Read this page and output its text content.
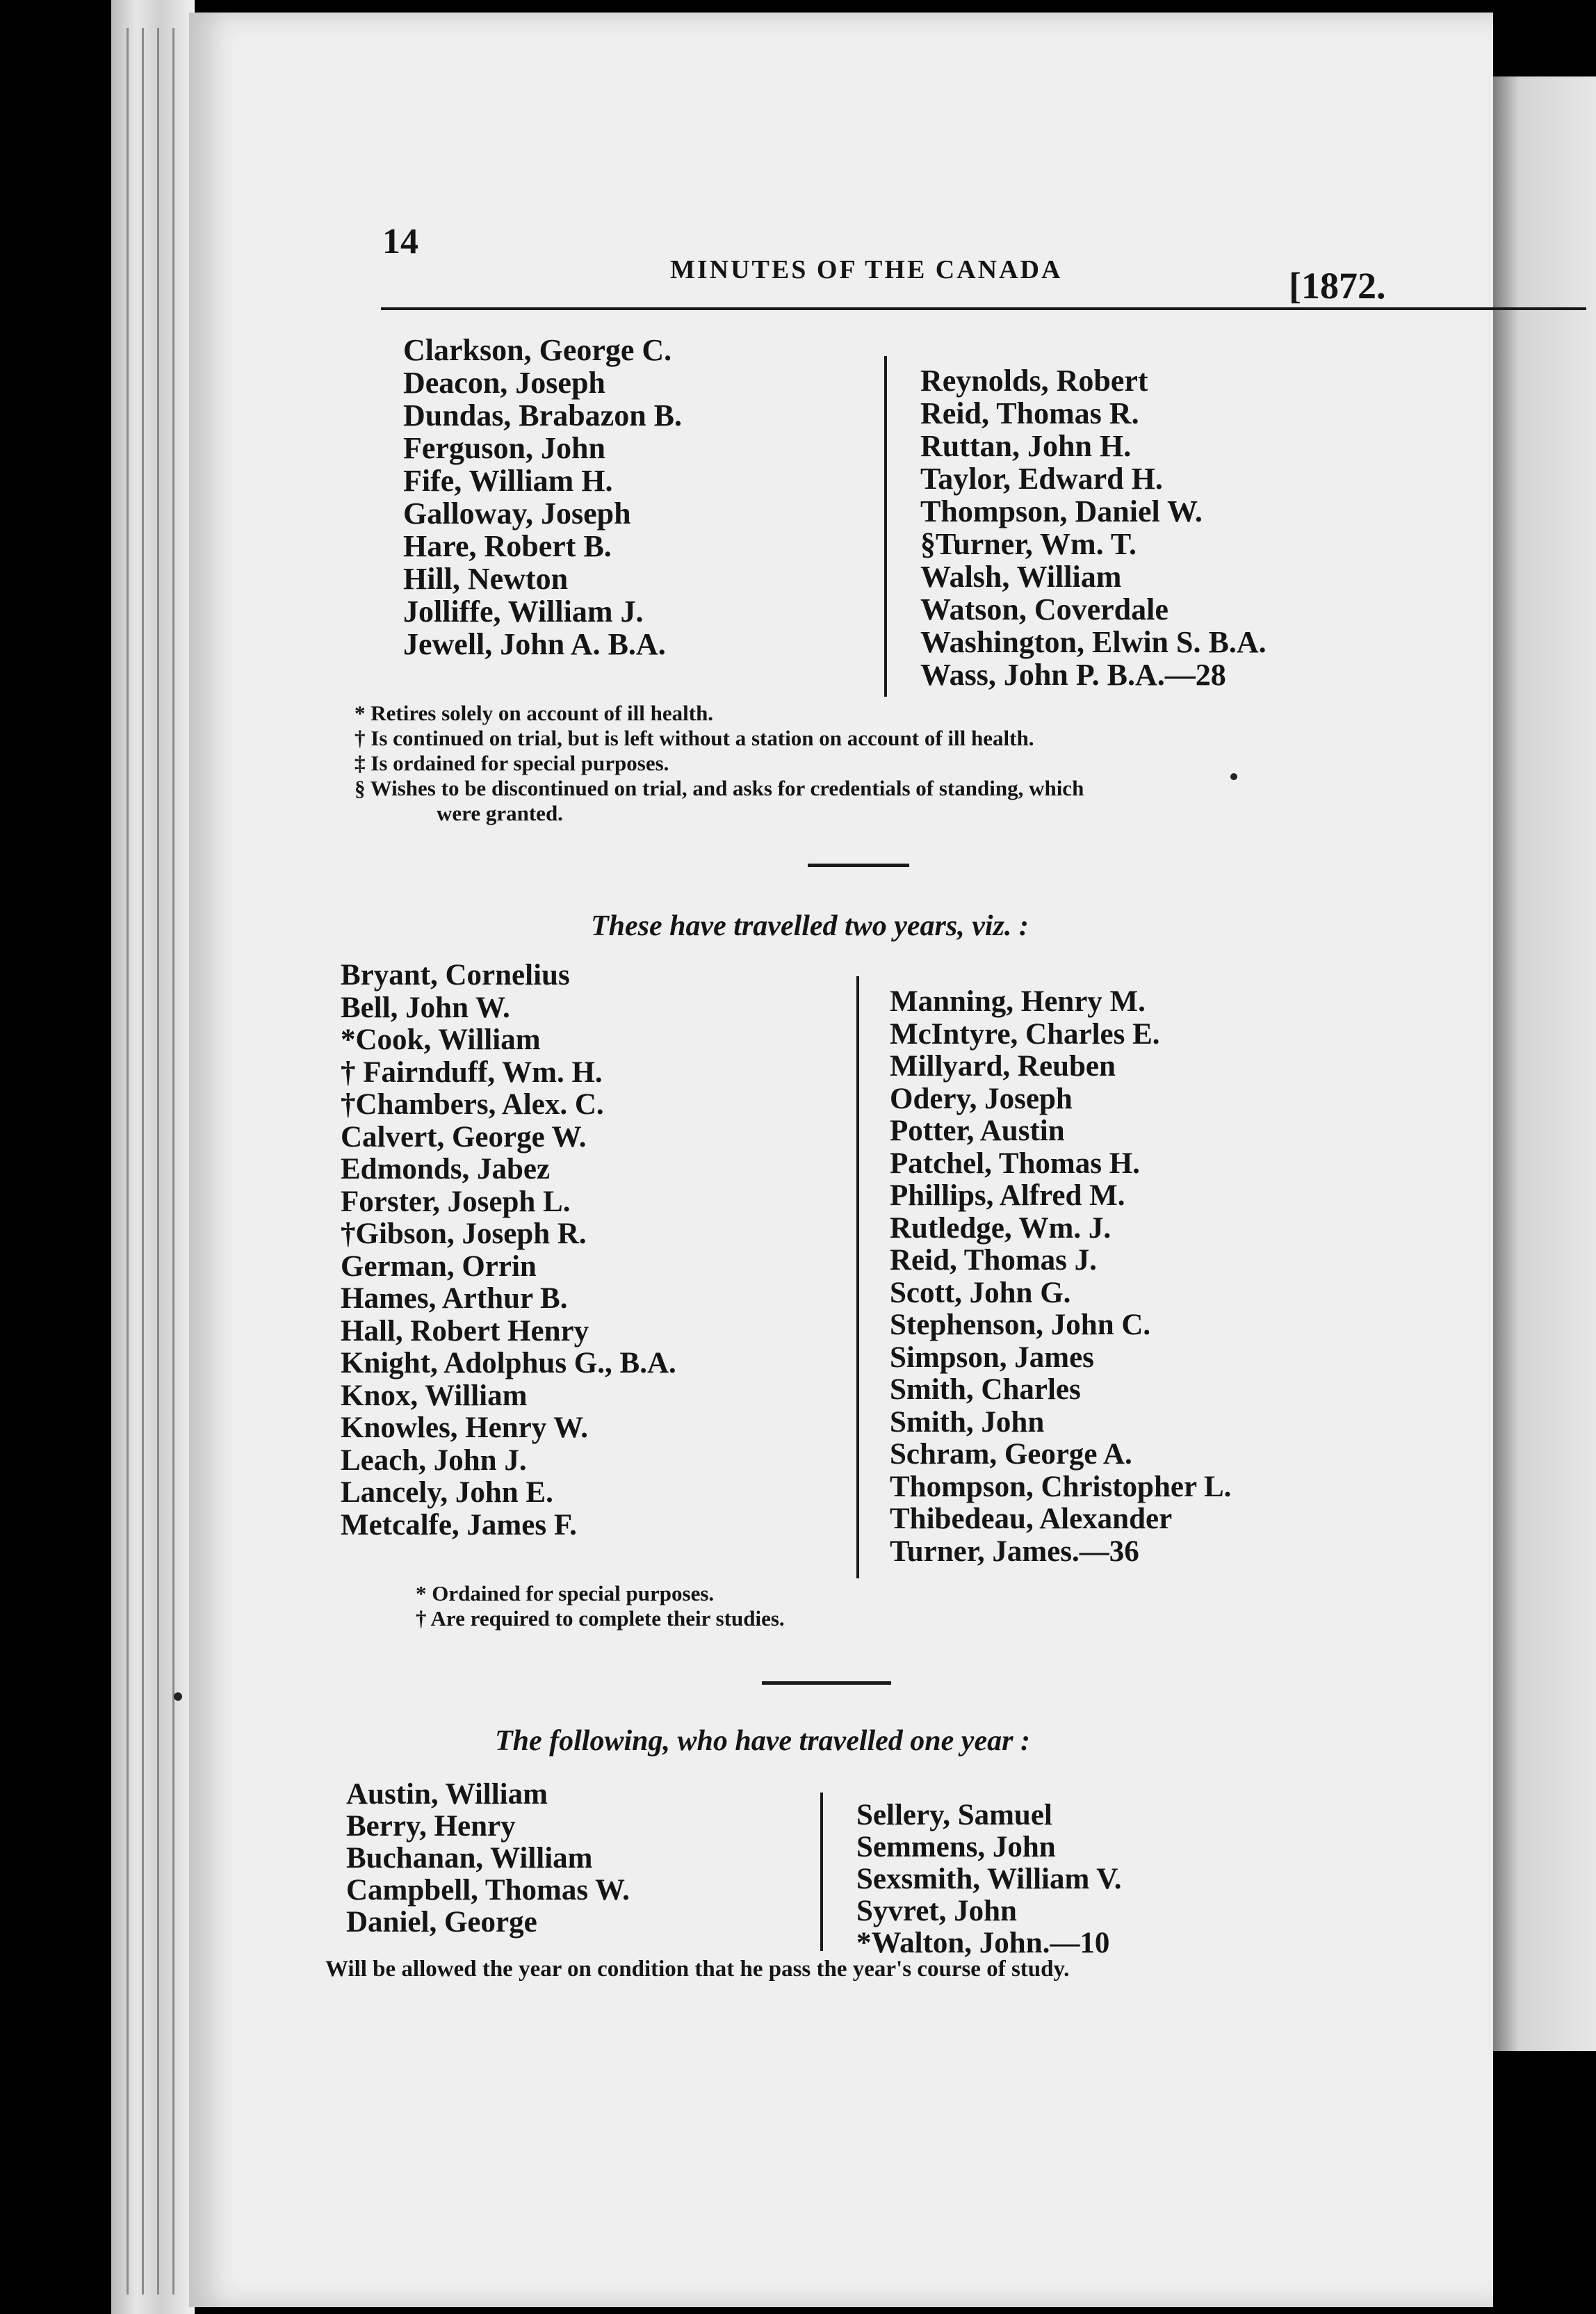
14
MINUTES OF THE CANADA	[1872.
Clarkson, George C.
Deacon, Joseph
Dundas, Brabazon B.
Ferguson, John
Fife, William H.
Galloway, Joseph
Hare, Robert B.
Hill, Newton
Jolliffe, William J.
Jewell, John A. B.A.
Reynolds, Robert
Reid, Thomas R.
Ruttan, John H.
Taylor, Edward H.
Thompson, Daniel W.
§Turner, Wm. T.
Walsh, William
Watson, Coverdale
Washington, Elwin S. B.A.
Wass, John P. B.A.—28
* Retires solely on account of ill health.
† Is continued on trial, but is left without a station on account of ill health.
‡ Is ordained for special purposes.
§ Wishes to be discontinued on trial, and asks for credentials of standing, which
were granted.
These have travelled two years, viz. :
Bryant, Cornelius
Bell, John W.
*Cook, William
† Fairnduff, Wm. H.
†Chambers, Alex. C.
Calvert, George W.
Edmonds, Jabez
Forster, Joseph L.
†Gibson, Joseph R.
German, Orrin
Hames, Arthur B.
Hall, Robert Henry
Knight, Adolphus G., B.A.
Knox, William
Knowles, Henry W.
Leach, John J.
Lancely, John E.
Metcalfe, James F.
Manning, Henry M.
McIntyre, Charles E.
Millyard, Reuben
Odery, Joseph
Potter, Austin
Patchel, Thomas H.
Phillips, Alfred M.
Rutledge, Wm. J.
Reid, Thomas J.
Scott, John G.
Stephenson, John C.
Simpson, James
Smith, Charles
Smith, John
Schram, George A.
Thompson, Christopher L.
Thibedeau, Alexander
Turner, James.—36
* Ordained for special purposes.
† Are required to complete their studies.
The following, who have travelled one year :
Austin, William
Berry, Henry
Buchanan, William
Campbell, Thomas W.
Daniel, George
Sellery, Samuel
Semmens, John
Sexsmith, William V.
Syvret, John
*Walton, John.—10
Will be allowed the year on condition that he pass the year's course of study.
